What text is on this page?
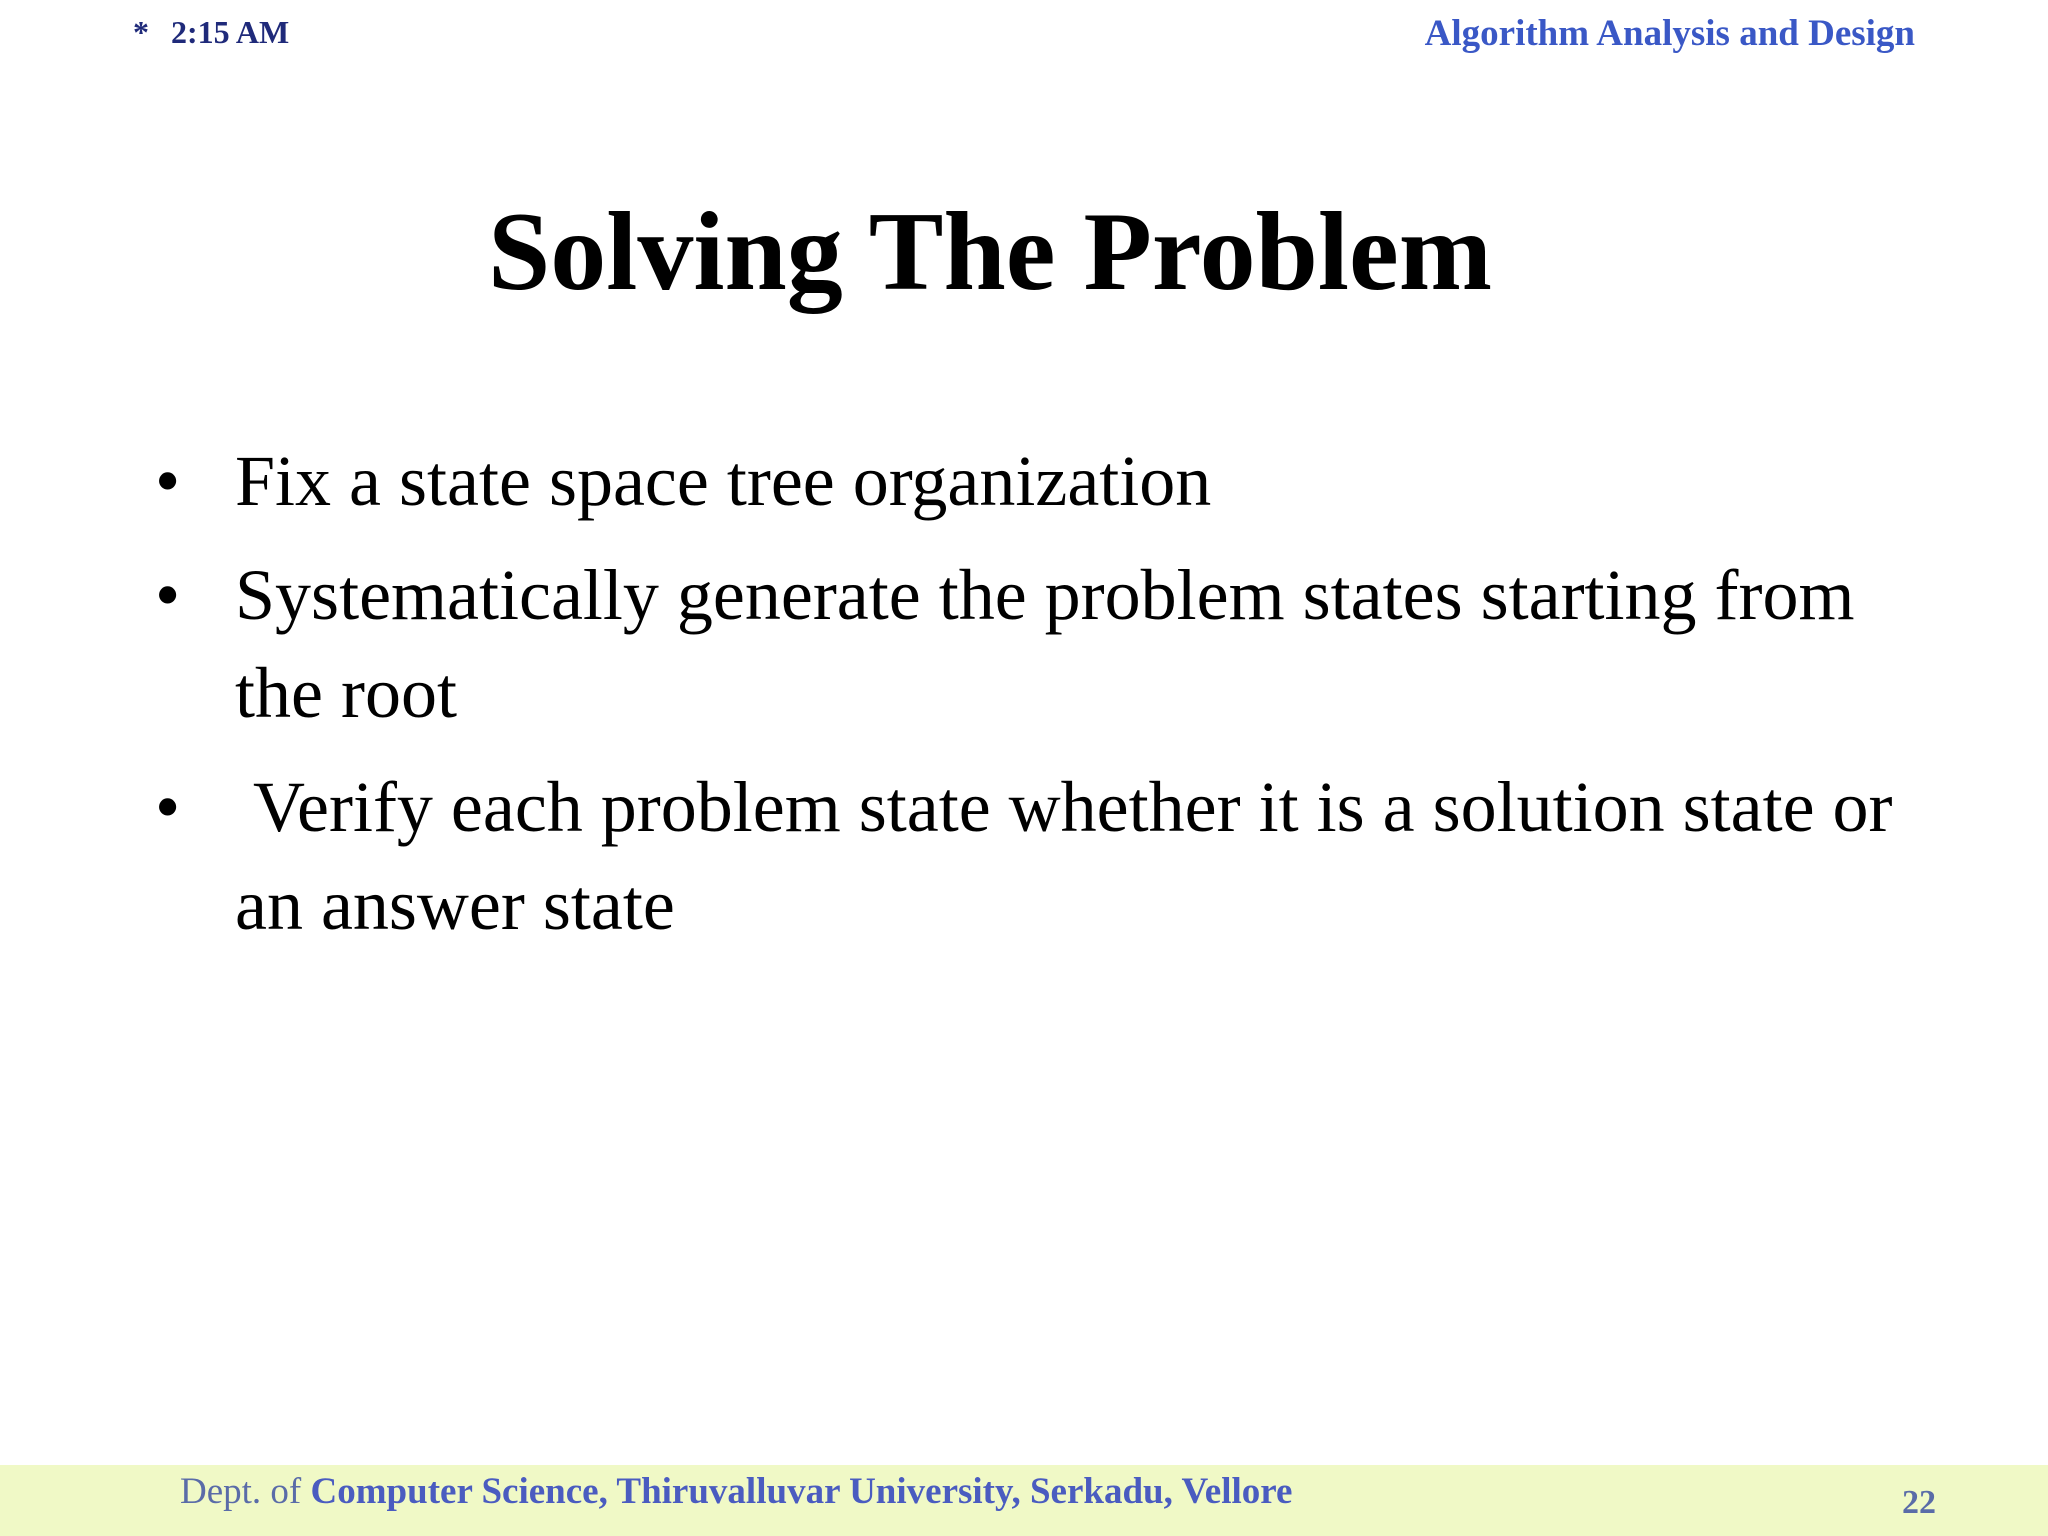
* 2:15 AM	Algorithm Analysis and Design
Solving The Problem
• Fix a state space tree organization
• Systematically generate the problem states starting from the root
• Verify each problem state whether it is a solution state or an answer state
Dept. of Computer Science, Thiruvalluvar University, Serkadu, Vellore	22
